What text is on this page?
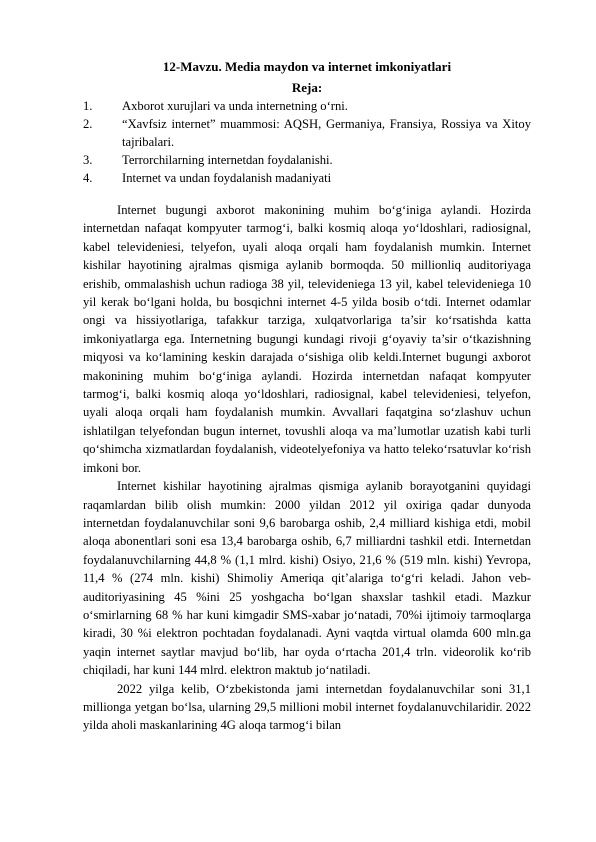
12-Mavzu. Media maydon va internet imkoniyatlari
Reja:
1. Axborot xurujlari va unda internetning o‘rni.
2. “Xavfsiz internet” muammosi: AQSH, Germaniya, Fransiya, Rossiya va Xitoy tajribalari.
3. Terrorchilarning internetdan foydalanishi.
4. Internet va undan foydalanish madaniyati

Internet bugungi axborot makonining muhim bo‘g‘iniga aylandi. Hozirda internetdan nafaqat kompyuter tarmog‘i, balki kosmiq aloqa yo‘ldoshlari, radiosignal, kabel televideniesi, telyefon, uyali aloqa orqali ham foydalanish mumkin. Internet kishilar hayotining ajralmas qismiga aylanib bormoqda. 50 millionliq auditoriyaga erishib, ommalashish uchun radioga 38 yil, televideniega 13 yil, kabel televideniega 10 yil kerak bo‘lgani holda, bu bosqichni internet 4-5 yilda bosib o‘tdi. Internet odamlar ongi va hissiyotlariga, tafakkur tarziga, xulqatvorlariga ta’sir ko‘rsatishda katta imkoniyatlarga ega. Internetning bugungi kundagi rivoji g‘oyaviy ta’sir o‘tkazishning miqyosi va ko‘lamining keskin darajada o‘sishiga olib keldi.Internet bugungi axborot makonining muhim bo‘g‘iniga aylandi. Hozirda internetdan nafaqat kompyuter tarmog‘i, balki kosmiq aloqa yo‘ldoshlari, radiosignal, kabel televideniesi, telyefon, uyali aloqa orqali ham foydalanish mumkin. Avvallari faqatgina so‘zlashuv uchun ishlatilgan telyefondan bugun internet, tovushli aloqa va ma’lumotlar uzatish kabi turli qo‘shimcha xizmatlardan foydalanish, videotelyefoniya va hatto teleko‘rsatuvlar ko‘rish imkoni bor.

Internet kishilar hayotining ajralmas qismiga aylanib borayotganini quyidagi raqamlardan bilib olish mumkin: 2000 yildan 2012 yil oxiriga qadar dunyoda internetdan foydalanuvchilar soni 9,6 barobarga oshib, 2,4 milliard kishiga etdi, mobil aloqa abonentlari soni esa 13,4 barobarga oshib, 6,7 milliardni tashkil etdi. Internetdan foydalanuvchilarning 44,8 % (1,1 mlrd. kishi) Osiyo, 21,6 % (519 mln. kishi) Yevropa, 11,4 % (274 mln. kishi) Shimoliy Ameriqa qit’alariga to‘g‘ri keladi. Jahon veb-auditoriyasining 45 %ini 25 yoshgacha bo‘lgan shaxslar tashkil etadi. Mazkur o‘smirlarning 68 % har kuni kimgadir SMS-xabar jo‘natadi, 70%i ijtimoiy tarmoqlarga kiradi, 30 %i elektron pochtadan foydalanadi. Ayni vaqtda virtual olamda 600 mln.ga yaqin internet saytlar mavjud bo‘lib, har oyda o‘rtacha 201,4 trln. videorolik ko‘rib chiqiladi, har kuni 144 mlrd. elektron maktub jo‘natiladi.

2022 yilga kelib, O‘zbekistonda jami internetdan foydalanuvchilar soni 31,1 millionga yetgan bo‘lsa, ularning 29,5 millioni mobil internet foydalanuvchilaridir. 2022 yilda aholi maskanlarining 4G aloqa tarmog‘i bilan
